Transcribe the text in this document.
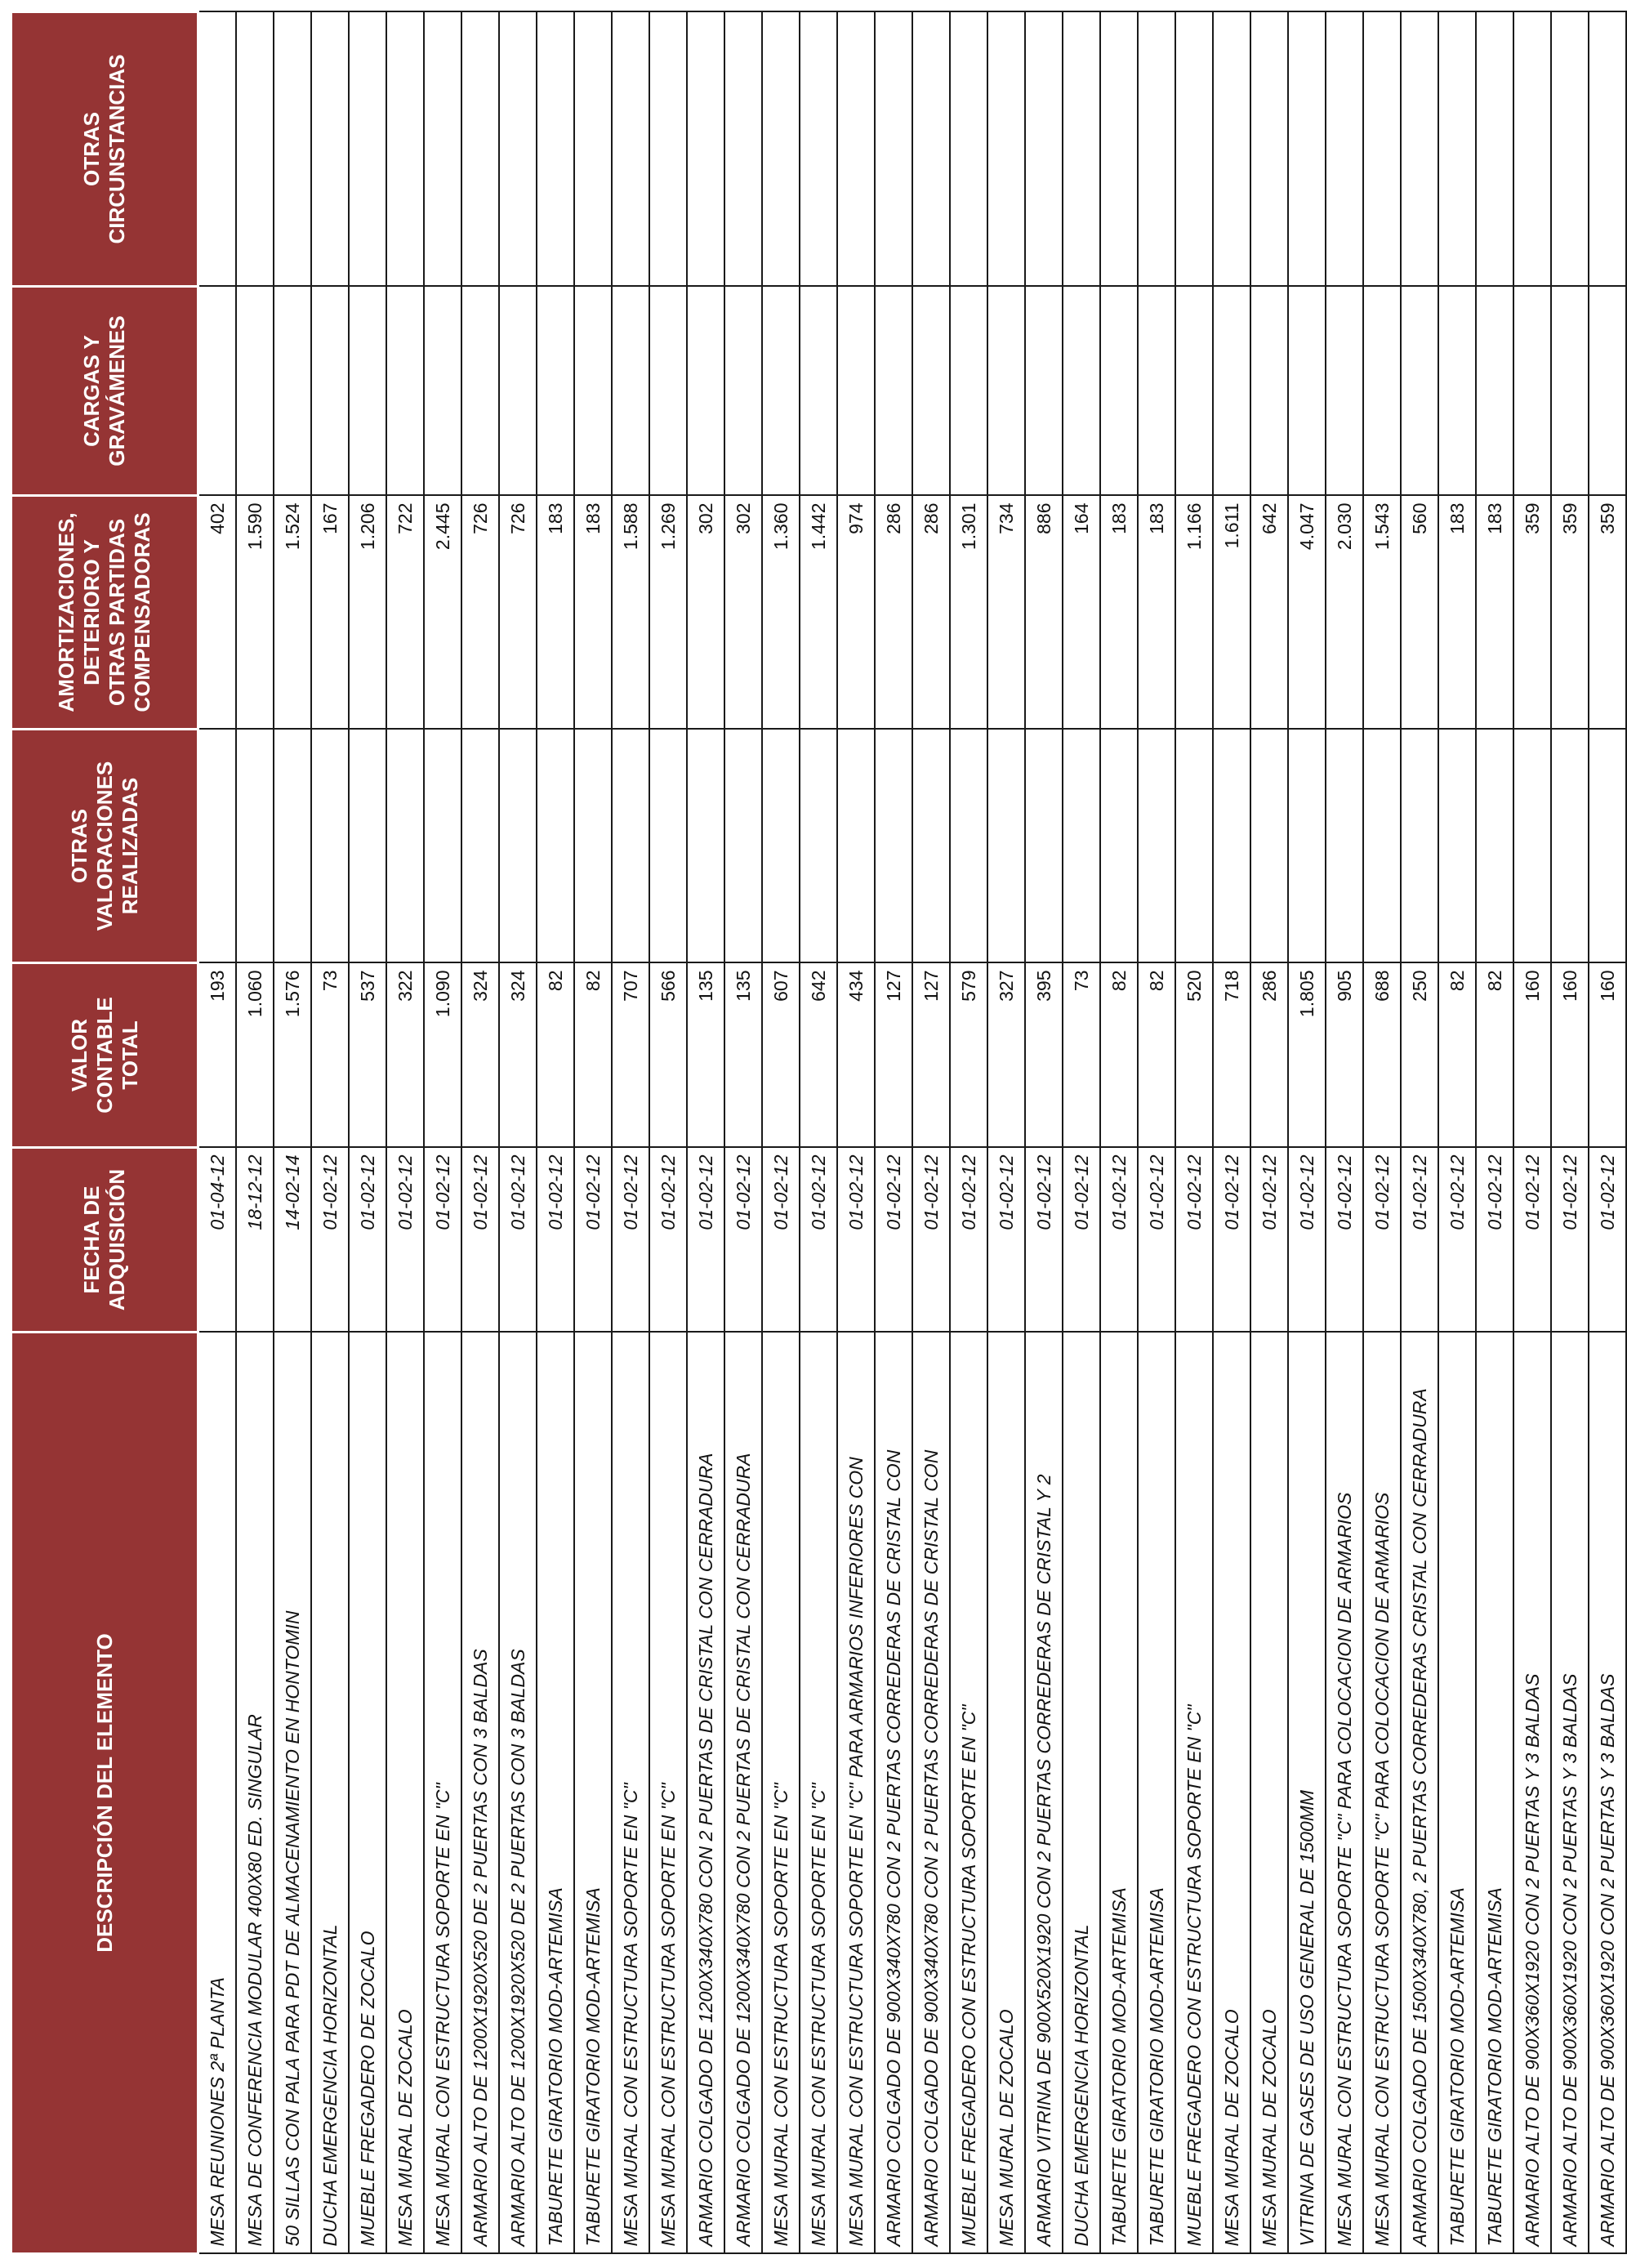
DESCRIPCIÓN DEL ELEMENTO	FECHA DE ADQUISICIÓN	VALOR CONTABLE TOTAL	OTRAS VALORACIONES REALIZADAS	AMORTIZACIONES, DETERIORO Y OTRAS PARTIDAS COMPENSADORAS	CARGAS Y GRAVÁMENES	OTRAS CIRCUNSTANCIAS
MESA REUNIONES 2ª PLANTA	01-04-12	193		402		
MESA DE CONFERENCIA MODULAR 400X80 ED. SINGULAR	18-12-12	1.060		1.590		
50 SILLAS CON PALA PARA PDT DE ALMACENAMIENTO EN HONTOMIN	14-02-14	1.576		1.524		
DUCHA EMERGENCIA HORIZONTAL	01-02-12	73		167		
MUEBLE FREGADERO DE ZOCALO	01-02-12	537		1.206		
MESA MURAL DE ZOCALO	01-02-12	322		722		
MESA MURAL CON ESTRUCTURA SOPORTE EN "C"	01-02-12	1.090		2.445		
ARMARIO ALTO DE 1200X1920X520 DE 2 PUERTAS CON 3 BALDAS	01-02-12	324		726		
ARMARIO ALTO DE 1200X1920X520 DE 2 PUERTAS CON 3 BALDAS	01-02-12	324		726		
TABURETE GIRATORIO MOD-ARTEMISA	01-02-12	82		183		
TABURETE GIRATORIO MOD-ARTEMISA	01-02-12	82		183		
MESA MURAL CON ESTRUCTURA SOPORTE EN "C"	01-02-12	707		1.588		
MESA MURAL CON ESTRUCTURA SOPORTE EN "C"	01-02-12	566		1.269		
ARMARIO COLGADO DE 1200X340X780 CON 2 PUERTAS DE CRISTAL CON CERRADURA	01-02-12	135		302		
ARMARIO COLGADO DE 1200X340X780 CON 2 PUERTAS DE CRISTAL CON CERRADURA	01-02-12	135		302		
MESA MURAL CON ESTRUCTURA SOPORTE EN "C"	01-02-12	607		1.360		
MESA MURAL CON ESTRUCTURA SOPORTE EN "C"	01-02-12	642		1.442		
MESA MURAL CON ESTRUCTURA SOPORTE EN "C" PARA ARMARIOS INFERIORES CON	01-02-12	434		974		
ARMARIO COLGADO DE 900X340X780 CON 2 PUERTAS CORREDERAS DE CRISTAL CON	01-02-12	127		286		
ARMARIO COLGADO DE 900X340X780 CON 2 PUERTAS CORREDERAS DE CRISTAL CON	01-02-12	127		286		
MUEBLE FREGADERO CON ESTRUCTURA SOPORTE EN "C"	01-02-12	579		1.301		
MESA MURAL DE ZOCALO	01-02-12	327		734		
ARMARIO VITRINA DE 900X520X1920 CON 2 PUERTAS CORREDERAS DE CRISTAL Y 2	01-02-12	395		886		
DUCHA EMERGENCIA HORIZONTAL	01-02-12	73		164		
TABURETE GIRATORIO MOD-ARTEMISA	01-02-12	82		183		
TABURETE GIRATORIO MOD-ARTEMISA	01-02-12	82		183		
MUEBLE FREGADERO CON ESTRUCTURA SOPORTE EN "C"	01-02-12	520		1.166		
MESA MURAL DE ZOCALO	01-02-12	718		1.611		
MESA MURAL DE ZOCALO	01-02-12	286		642		
VITRINA DE GASES DE USO GENERAL DE 1500MM	01-02-12	1.805		4.047		
MESA MURAL CON ESTRUCTURA SOPORTE "C" PARA COLOCACION DE ARMARIOS	01-02-12	905		2.030		
MESA MURAL CON ESTRUCTURA SOPORTE "C" PARA COLOCACION DE ARMARIOS	01-02-12	688		1.543		
ARMARIO COLGADO DE 1500X340X780, 2 PUERTAS CORREDERAS CRISTAL CON CERRADURA	01-02-12	250		560		
TABURETE GIRATORIO MOD-ARTEMISA	01-02-12	82		183		
TABURETE GIRATORIO MOD-ARTEMISA	01-02-12	82		183		
ARMARIO ALTO DE 900X360X1920 CON 2 PUERTAS Y 3 BALDAS	01-02-12	160		359		
ARMARIO ALTO DE 900X360X1920 CON 2 PUERTAS Y 3 BALDAS	01-02-12	160		359		
ARMARIO ALTO DE 900X360X1920 CON 2 PUERTAS Y 3 BALDAS	01-02-12	160		359		
